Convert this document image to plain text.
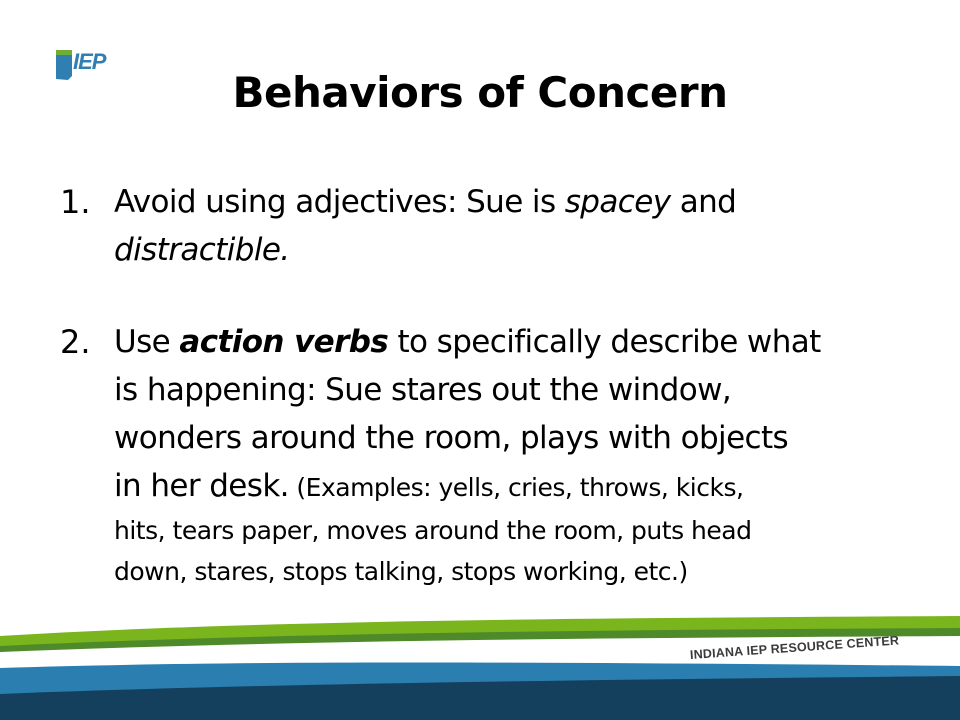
IEP
Behaviors of Concern
1. Avoid using adjectives: Sue is spacey and
distractible.
2. Use action verbs to specifically describe what
is happening: Sue stares out the window,
wonders around the room, plays with objects
in her desk. (Examples: yells, cries, throws, kicks,
hits, tears paper, moves around the room, puts head
down, stares, stops talking, stops working, etc.)
INDIANA IEP RESOURCE CENTER
